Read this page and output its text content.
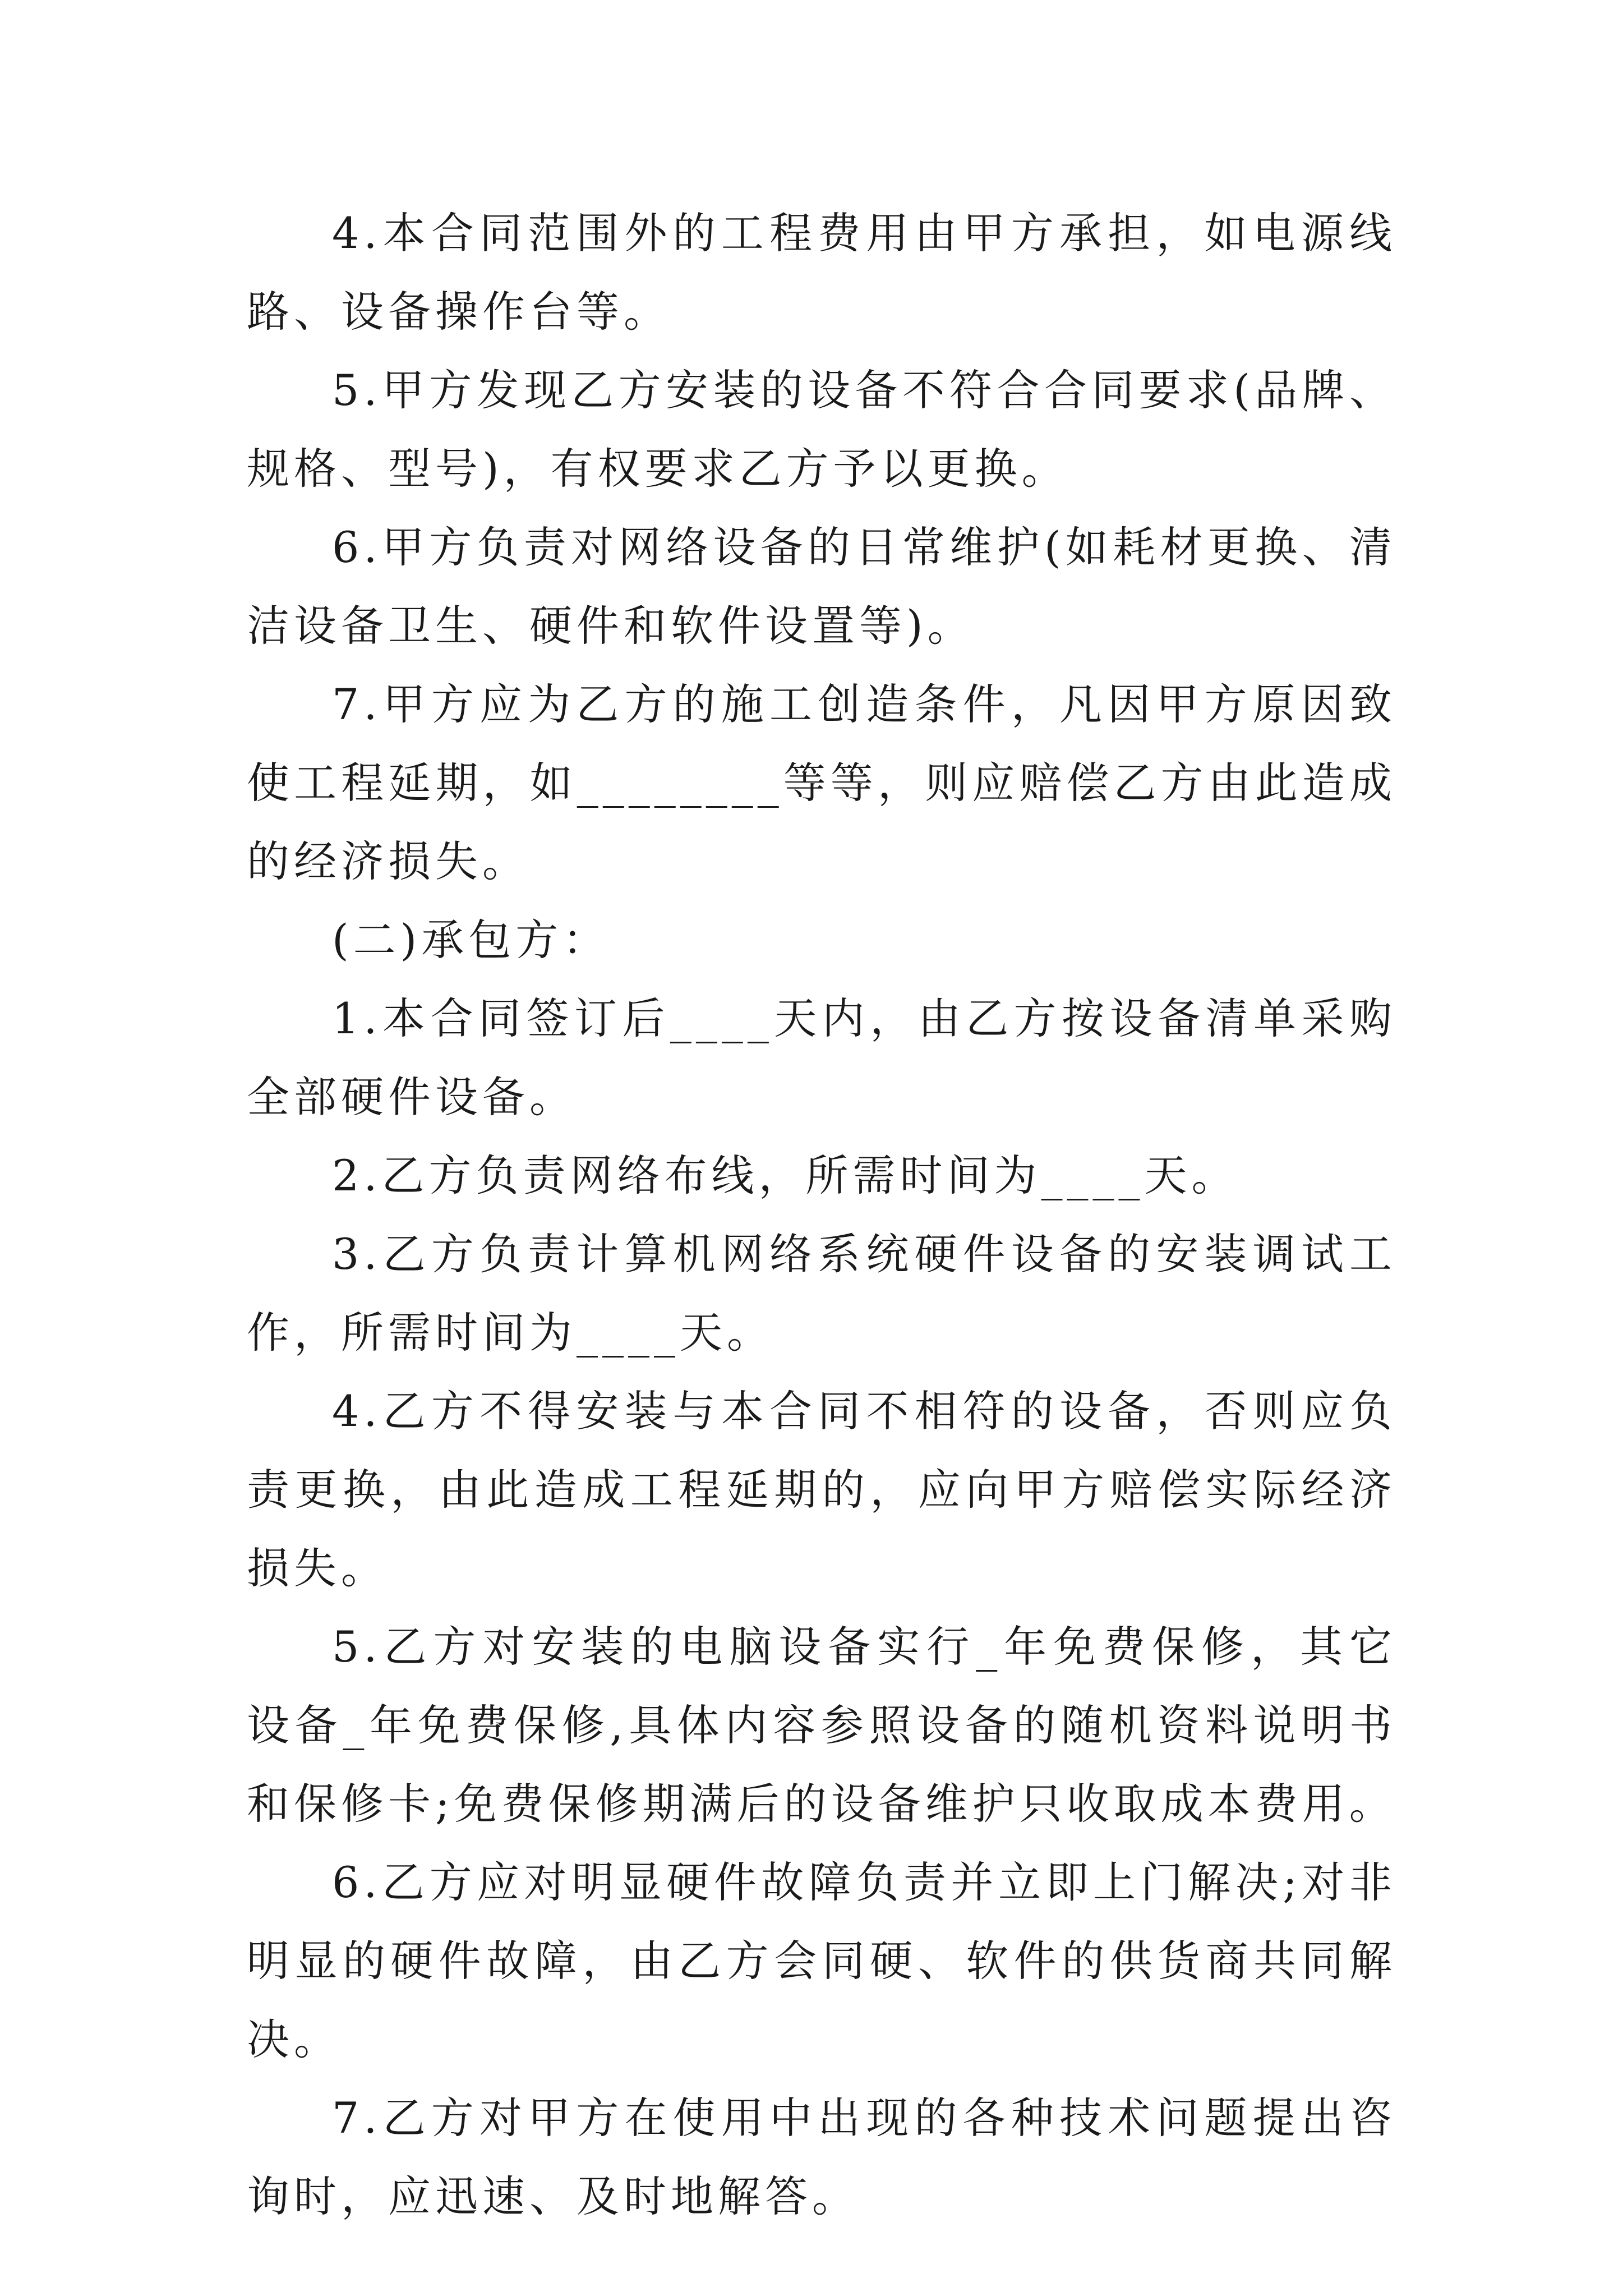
4.本合同范围外的工程费用由甲方承担，如电源线路、设备操作台等。

5.甲方发现乙方安装的设备不符合合同要求(品牌、规格、型号)，有权要求乙方予以更换。

6.甲方负责对网络设备的日常维护(如耗材更换、清洁设备卫生、硬件和软件设置等)。

7.甲方应为乙方的施工创造条件，凡因甲方原因致使工程延期，如________等等，则应赔偿乙方由此造成的经济损失。

(二)承包方：

1.本合同签订后____天内，由乙方按设备清单采购全部硬件设备。

2.乙方负责网络布线，所需时间为____天。

3.乙方负责计算机网络系统硬件设备的安装调试工作，所需时间为____天。

4.乙方不得安装与本合同不相符的设备，否则应负责更换，由此造成工程延期的，应向甲方赔偿实际经济损失。

5.乙方对安装的电脑设备实行_年免费保修，其它设备_年免费保修,具体内容参照设备的随机资料说明书和保修卡;免费保修期满后的设备维护只收取成本费用。

6.乙方应对明显硬件故障负责并立即上门解决;对非明显的硬件故障，由乙方会同硬、软件的供货商共同解决。

7.乙方对甲方在使用中出现的各种技术问题提出咨询时，应迅速、及时地解答。
